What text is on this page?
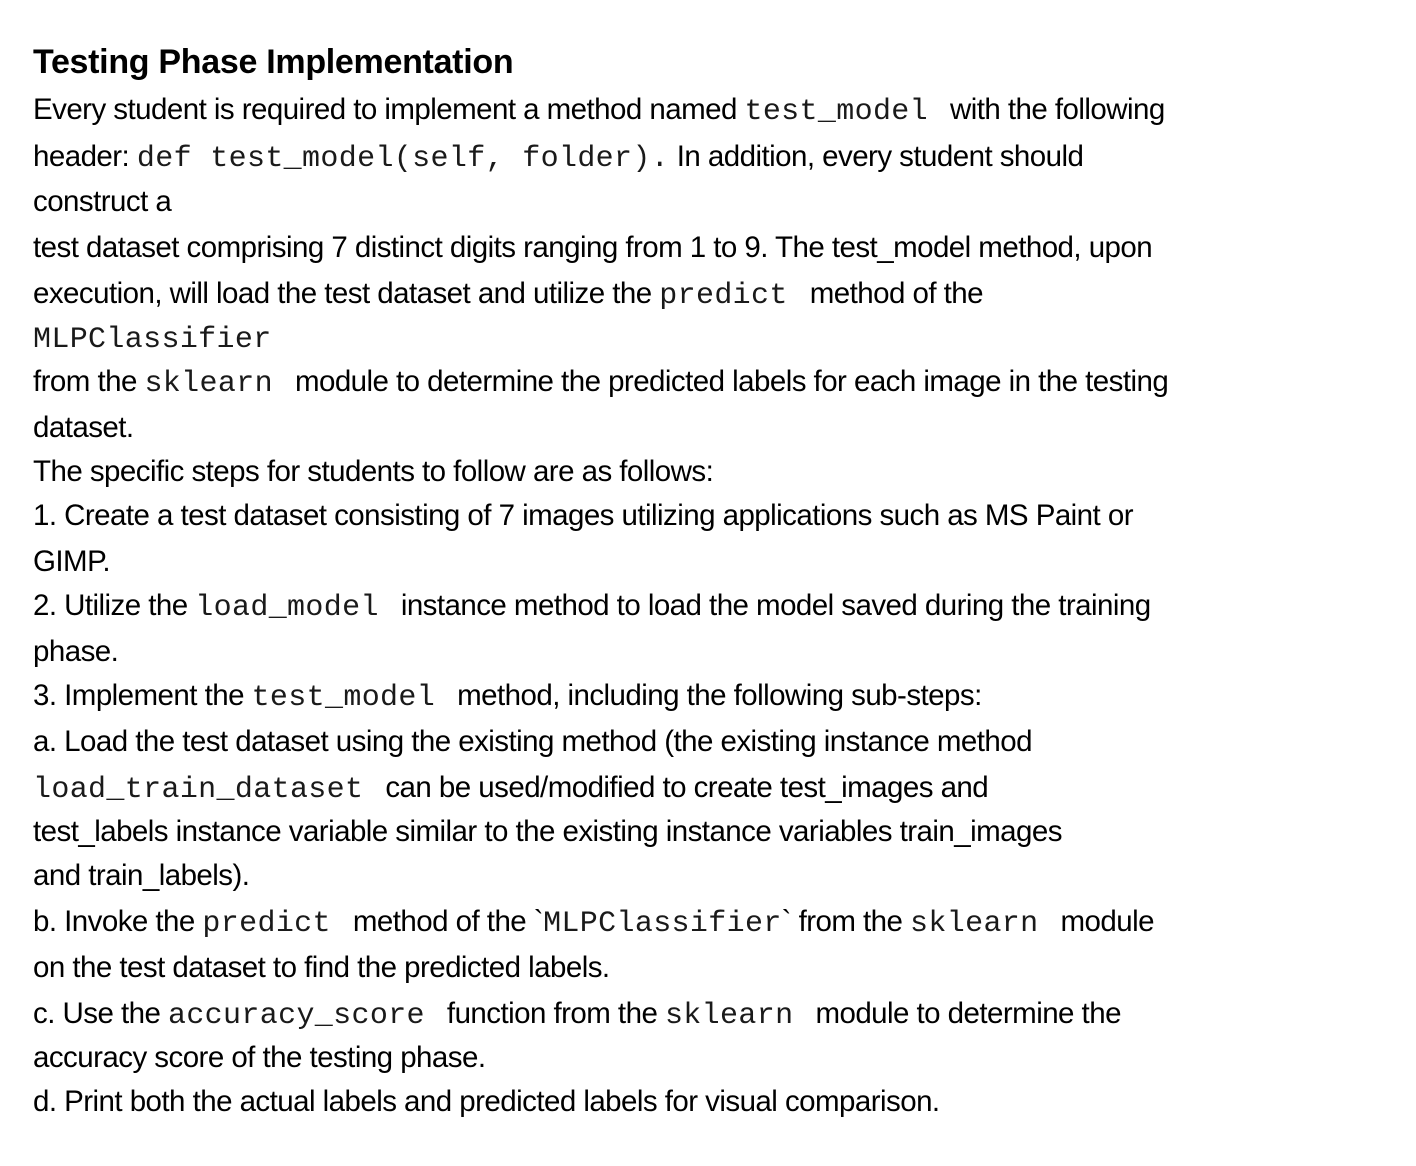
Testing Phase Implementation
Every student is required to implement a method named test_model with the following
header: def test_model(self, folder). In addition, every student should
construct a
test dataset comprising 7 distinct digits ranging from 1 to 9. The test_model method, upon
execution, will load the test dataset and utilize the predict method of the
MLPClassifier
from the sklearn module to determine the predicted labels for each image in the testing
dataset.
The specific steps for students to follow are as follows:
1. Create a test dataset consisting of 7 images utilizing applications such as MS Paint or
GIMP.
2. Utilize the load_model instance method to load the model saved during the training
phase.
3. Implement the test_model method, including the following sub-steps:
a. Load the test dataset using the existing method (the existing instance method
load_train_dataset can be used/modified to create test_images and
test_labels instance variable similar to the existing instance variables train_images
and train_labels).
b. Invoke the predict method of the `MLPClassifier` from the sklearn module
on the test dataset to find the predicted labels.
c. Use the accuracy_score function from the sklearn module to determine the
accuracy score of the testing phase.
d. Print both the actual labels and predicted labels for visual comparison.
